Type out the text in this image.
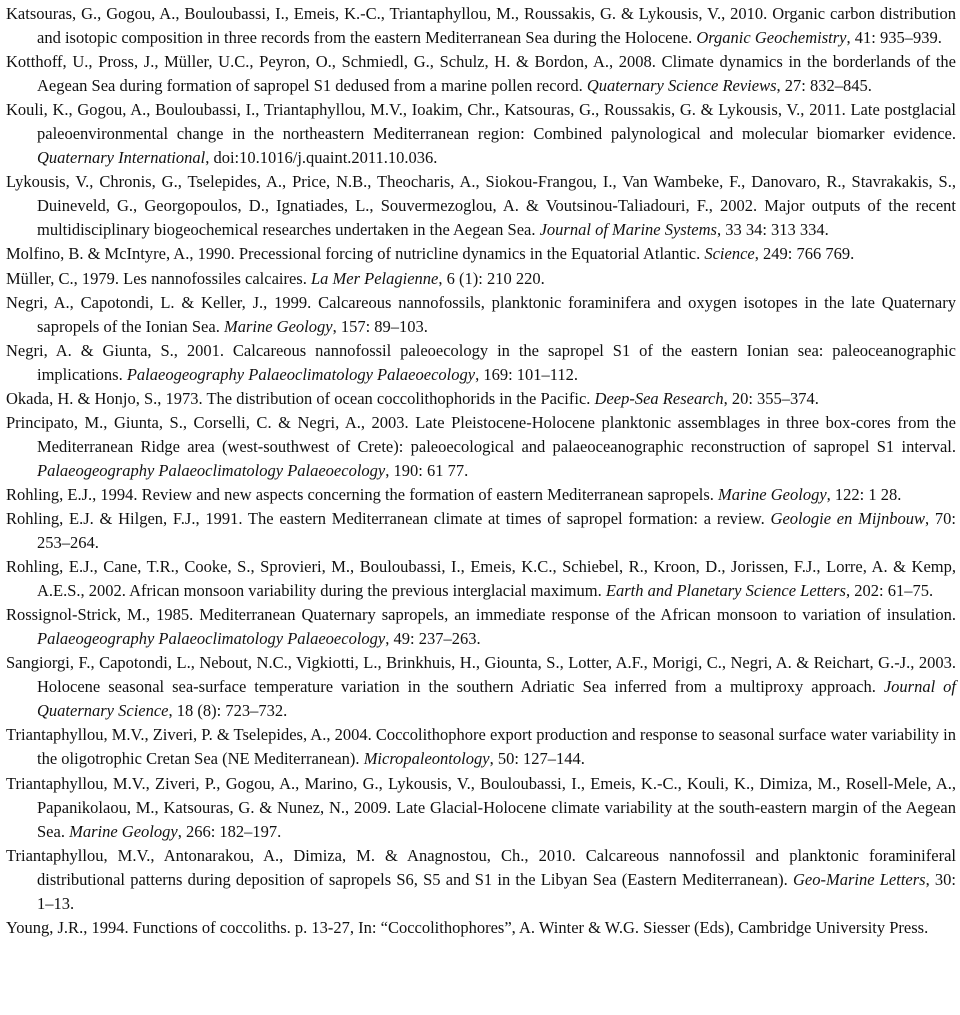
Katsouras, G., Gogou, A., Bouloubassi, I., Emeis, K.-C., Triantaphyllou, M., Roussakis, G. & Lykousis, V., 2010. Organic carbon distribution and isotopic composition in three records from the eastern Mediterranean Sea during the Holocene. Organic Geochemistry, 41: 935–939.

Kotthoff, U., Pross, J., Müller, U.C., Peyron, O., Schmiedl, G., Schulz, H. & Bordon, A., 2008. Climate dynamics in the borderlands of the Aegean Sea during formation of sapropel S1 dedused from a marine pollen record. Quaternary Science Reviews, 27: 832–845.

Kouli, K., Gogou, A., Bouloubassi, I., Triantaphyllou, M.V., Ioakim, Chr., Katsouras, G., Roussakis, G. & Lykousis, V., 2011. Late postglacial paleoenvironmental change in the northeastern Mediterranean region: Combined palynological and molecular biomarker evidence. Quaternary International, doi:10.1016/j.quaint.2011.10.036.

Lykousis, V., Chronis, G., Tselepides, A., Price, N.B., Theocharis, A., Siokou-Frangou, I., Van Wambeke, F., Danovaro, R., Stavrakakis, S., Duineveld, G., Georgopoulos, D., Ignatiades, L., Souvermezoglou, A. & Voutsinou-Taliadouri, F., 2002. Major outputs of the recent multidisciplinary biogeochemical researches undertaken in the Aegean Sea. Journal of Marine Systems, 33 34: 313 334.

Molfino, B. & McIntyre, A., 1990. Precessional forcing of nutricline dynamics in the Equatorial Atlantic. Science, 249: 766 769.

Müller, C., 1979. Les nannofossiles calcaires. La Mer Pelagienne, 6 (1): 210 220.

Negri, A., Capotondi, L. & Keller, J., 1999. Calcareous nannofossils, planktonic foraminifera and oxygen isotopes in the late Quaternary sapropels of the Ionian Sea. Marine Geology, 157: 89–103.

Negri, A. & Giunta, S., 2001. Calcareous nannofossil paleoecology in the sapropel S1 of the eastern Ionian sea: paleoceanographic implications. Palaeogeography Palaeoclimatology Palaeoecology, 169: 101–112.

Okada, H. & Honjo, S., 1973. The distribution of ocean coccolithophorids in the Pacific. Deep-Sea Research, 20: 355–374.

Principato, M., Giunta, S., Corselli, C. & Negri, A., 2003. Late Pleistocene-Holocene planktonic assemblages in three box-cores from the Mediterranean Ridge area (west-southwest of Crete): paleoecological and palaeoceanographic reconstruction of sapropel S1 interval. Palaeogeography Palaeoclimatology Palaeoecology, 190: 61 77.

Rohling, E.J., 1994. Review and new aspects concerning the formation of eastern Mediterranean sapropels. Marine Geology, 122: 1 28.

Rohling, E.J. & Hilgen, F.J., 1991. The eastern Mediterranean climate at times of sapropel formation: a review. Geologie en Mijnbouw, 70: 253–264.

Rohling, E.J., Cane, T.R., Cooke, S., Sprovieri, M., Bouloubassi, I., Emeis, K.C., Schiebel, R., Kroon, D., Jorissen, F.J., Lorre, A. & Kemp, A.E.S., 2002. African monsoon variability during the previous interglacial maximum. Earth and Planetary Science Letters, 202: 61–75.

Rossignol-Strick, M., 1985. Mediterranean Quaternary sapropels, an immediate response of the African monsoon to variation of insulation. Palaeogeography Palaeoclimatology Palaeoecology, 49: 237–263.

Sangiorgi, F., Capotondi, L., Nebout, N.C., Vigkiotti, L., Brinkhuis, H., Giounta, S., Lotter, A.F., Morigi, C., Negri, A. & Reichart, G.-J., 2003. Holocene seasonal sea-surface temperature variation in the southern Adriatic Sea inferred from a multiproxy approach. Journal of Quaternary Science, 18 (8): 723–732.

Triantaphyllou, M.V., Ziveri, P. & Tselepides, A., 2004. Coccolithophore export production and response to seasonal surface water variability in the oligotrophic Cretan Sea (NE Mediterranean). Micropaleontology, 50: 127–144.

Triantaphyllou, M.V., Ziveri, P., Gogou, A., Marino, G., Lykousis, V., Bouloubassi, I., Emeis, K.-C., Kouli, K., Dimiza, M., Rosell-Mele, A., Papanikolaou, M., Katsouras, G. & Nunez, N., 2009. Late Glacial-Holocene climate variability at the south-eastern margin of the Aegean Sea. Marine Geology, 266: 182–197.

Triantaphyllou, M.V., Antonarakou, A., Dimiza, M. & Anagnostou, Ch., 2010. Calcareous nannofossil and planktonic foraminiferal distributional patterns during deposition of sapropels S6, S5 and S1 in the Libyan Sea (Eastern Mediterranean). Geo-Marine Letters, 30: 1–13.

Young, J.R., 1994. Functions of coccoliths. p. 13-27, In: “Coccolithophores”, A. Winter & W.G. Siesser (Eds), Cambridge University Press.
